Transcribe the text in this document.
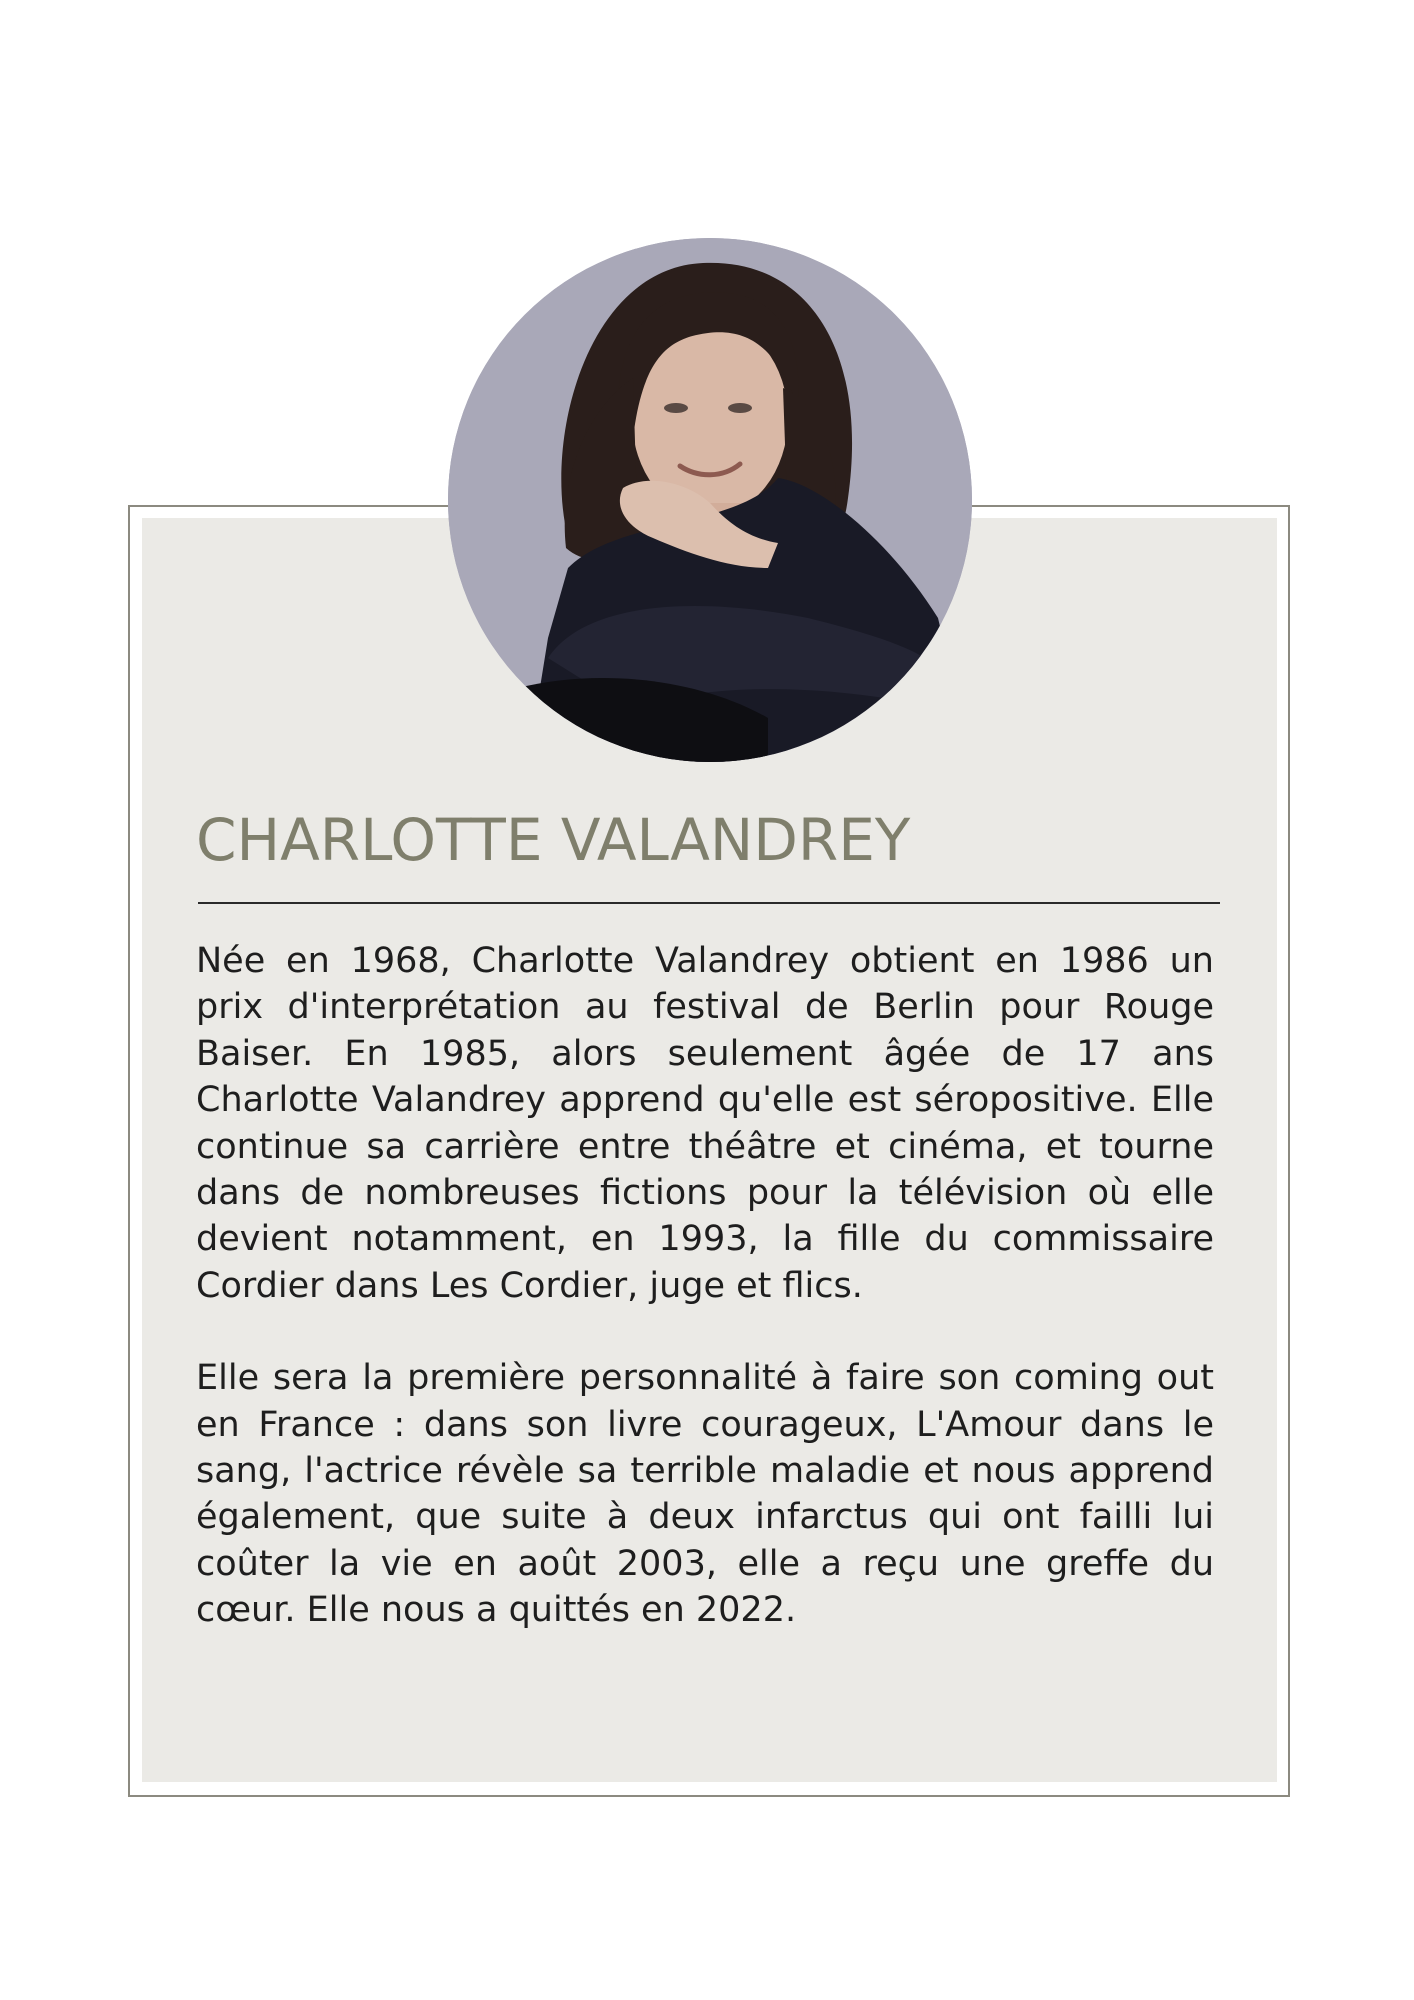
CHARLOTTE VALANDREY

Née en 1968, Charlotte Valandrey obtient en 1986 un prix d'interprétation au festival de Berlin pour Rouge Baiser. En 1985, alors seulement âgée de 17 ans Charlotte Valandrey apprend qu'elle est séropositive. Elle continue sa carrière entre théâtre et cinéma, et tourne dans de nombreuses fictions pour la télévision où elle devient notamment, en 1993, la fille du commissaire Cordier dans Les Cordier, juge et flics.

Elle sera la première personnalité à faire son coming out en France : dans son livre courageux, L'Amour dans le sang, l'actrice révèle sa terrible maladie et nous apprend également, que suite à deux infarctus qui ont failli lui coûter la vie en août 2003, elle a reçu une greffe du cœur. Elle nous a quittés en 2022.
